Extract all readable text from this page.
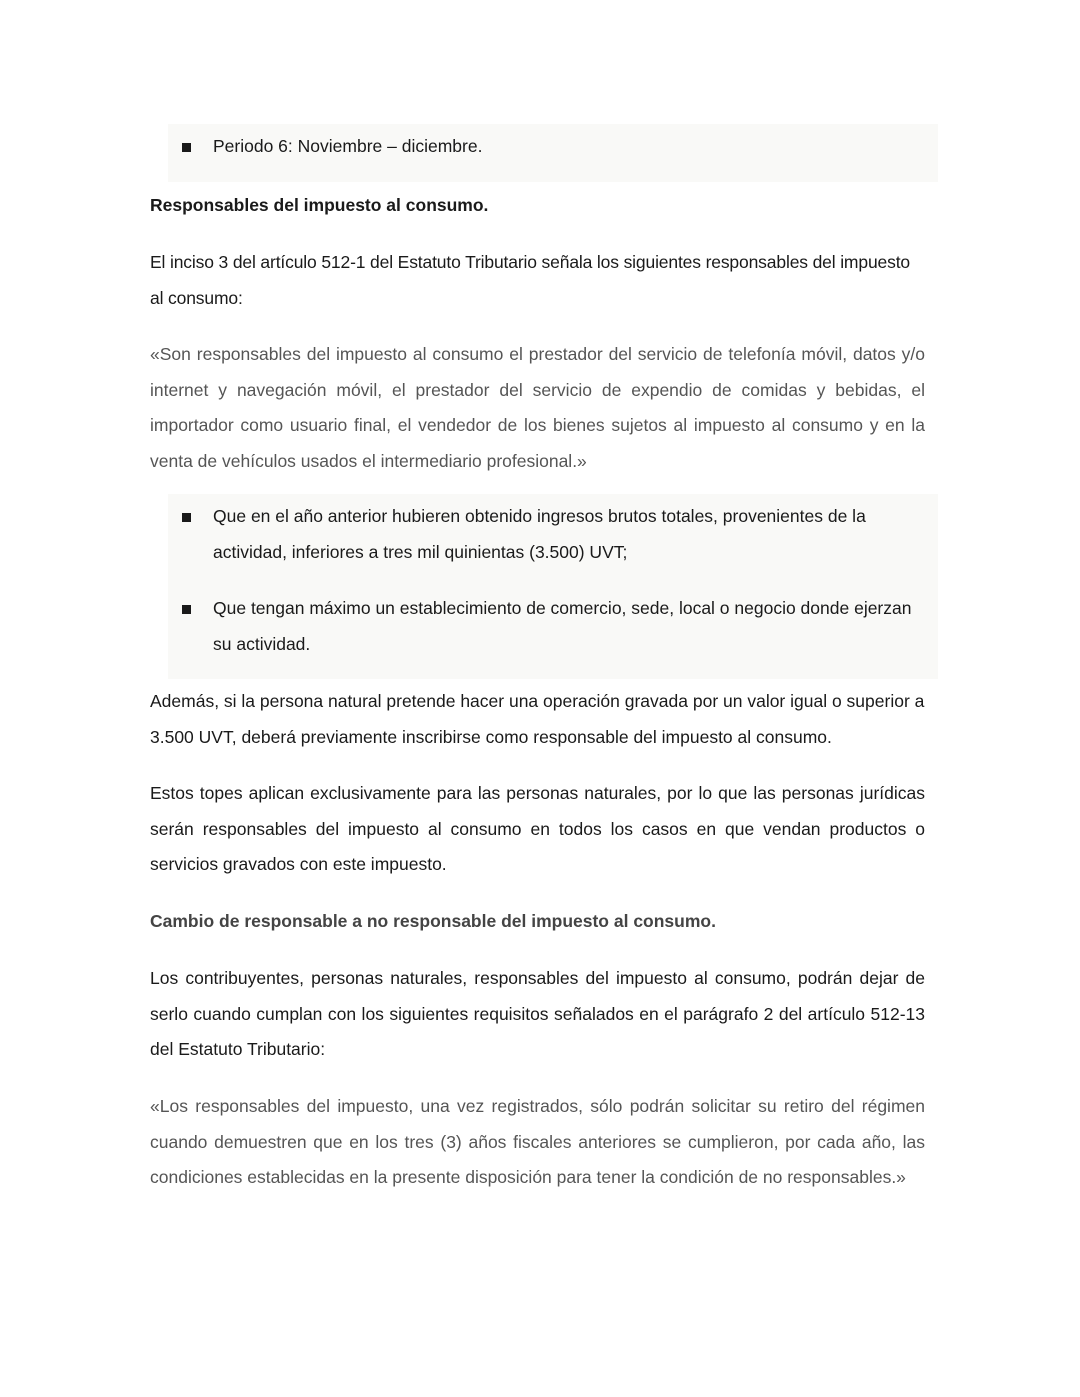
Periodo 6: Noviembre – diciembre.

Responsables del impuesto al consumo.

El inciso 3 del artículo 512-1 del Estatuto Tributario señala los siguientes responsables del impuesto al consumo:

«Son responsables del impuesto al consumo el prestador del servicio de telefonía móvil, datos y/o internet y navegación móvil, el prestador del servicio de expendio de comidas y bebidas, el importador como usuario final, el vendedor de los bienes sujetos al impuesto al consumo y en la venta de vehículos usados el intermediario profesional.»

Que en el año anterior hubieren obtenido ingresos brutos totales, provenientes de la actividad, inferiores a tres mil quinientas (3.500) UVT;
Que tengan máximo un establecimiento de comercio, sede, local o negocio donde ejerzan su actividad.

Además, si la persona natural pretende hacer una operación gravada por un valor igual o superior a 3.500 UVT, deberá previamente inscribirse como responsable del impuesto al consumo.

Estos topes aplican exclusivamente para las personas naturales, por lo que las personas jurídicas serán responsables del impuesto al consumo en todos los casos en que vendan productos o servicios gravados con este impuesto.

Cambio de responsable a no responsable del impuesto al consumo.

Los contribuyentes, personas naturales, responsables del impuesto al consumo, podrán dejar de serlo cuando cumplan con los siguientes requisitos señalados en el parágrafo 2 del artículo 512-13 del Estatuto Tributario:

«Los responsables del impuesto, una vez registrados, sólo podrán solicitar su retiro del régimen cuando demuestren que en los tres (3) años fiscales anteriores se cumplieron, por cada año, las condiciones establecidas en la presente disposición para tener la condición de no responsables.»
